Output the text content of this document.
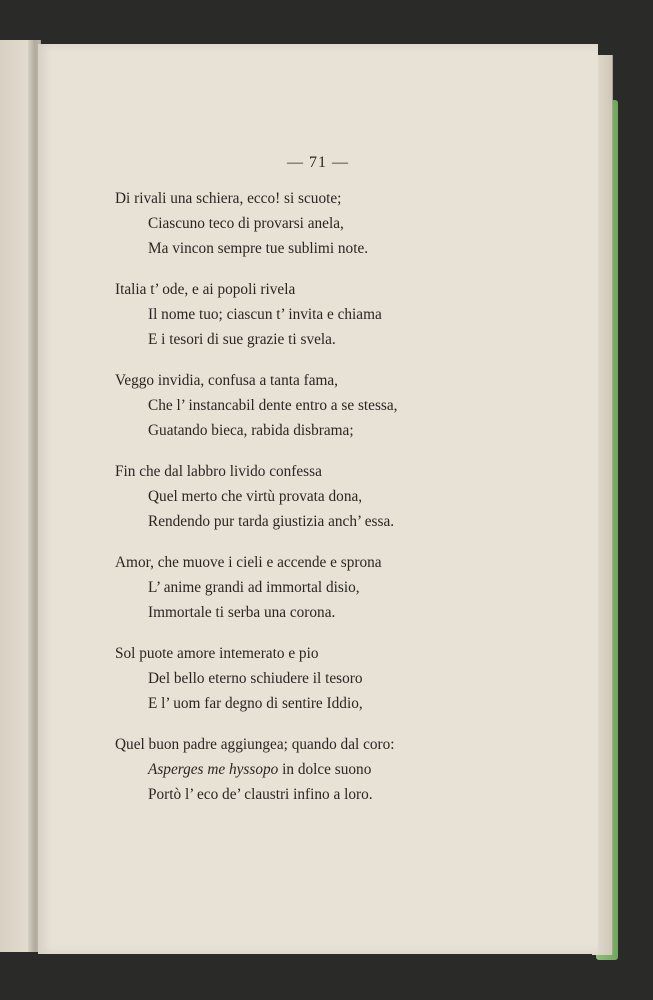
— 71 —
Di rivali una schiera, ecco! si scuote;
Ciascuno teco di provarsi anela,
Ma vincon sempre tue sublimi note.
Italia t’ ode, e ai popoli rivela
Il nome tuo; ciascun t’ invita e chiama
E i tesori di sue grazie ti svela.
Veggo invidia, confusa a tanta fama,
Che l’ instancabil dente entro a se stessa,
Guatando bieca, rabida disbrama;
Fin che dal labbro livido confessa
Quel merto che virtù provata dona,
Rendendo pur tarda giustizia anch’ essa.
Amor, che muove i cieli e accende e sprona
L’ anime grandi ad immortal disio,
Immortale ti serba una corona.
Sol puote amore intemerato e pio
Del bello eterno schiudere il tesoro
E l’ uom far degno di sentire Iddio,
Quel buon padre aggiungea; quando dal coro:
Asperges me hyssopo in dolce suono
Portò l’ eco de’ claustri infino a loro.
